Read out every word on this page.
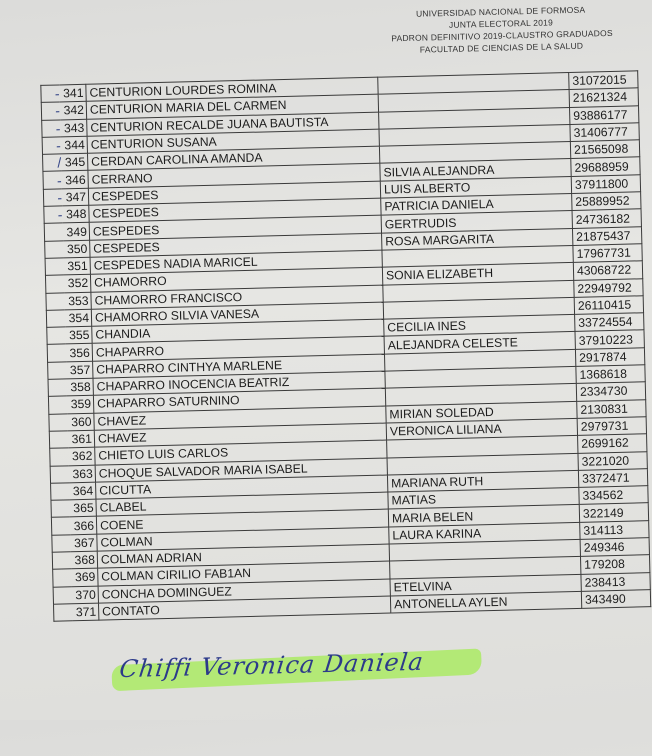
UNIVERSIDAD NACIONAL DE FORMOSA
JUNTA ELECTORAL 2019
PADRON DEFINITIVO 2019-CLAUSTRO GRADUADOS
FACULTAD DE CIENCIAS DE LA SALUD
-	341	CENTURION LOURDES ROMINA		31072015
-	342	CENTURION MARIA DEL CARMEN		21621324
-	343	CENTURION RECALDE JUANA BAUTISTA		93886177
-	344	CENTURION SUSANA		31406777
/	345	CERDAN CAROLINA AMANDA		21565098
-	346	CERRANO	SILVIA ALEJANDRA	29688959
-	347	CESPEDES	LUIS ALBERTO	37911800
-	348	CESPEDES	PATRICIA DANIELA	25889952
	349	CESPEDES	GERTRUDIS	24736182
	350	CESPEDES	ROSA MARGARITA	21875437
	351	CESPEDES NADIA MARICEL		17967731
	352	CHAMORRO	SONIA ELIZABETH	43068722
	353	CHAMORRO FRANCISCO		22949792
	354	CHAMORRO SILVIA VANESA		26110415
	355	CHANDIA	CECILIA INES	33724554
	356	CHAPARRO	ALEJANDRA CELESTE	37910223
	357	CHAPARRO CINTHYA MARLENE		2917874
	358	CHAPARRO INOCENCIA BEATRIZ		1368618
	359	CHAPARRO SATURNINO		2334730
	360	CHAVEZ	MIRIAN SOLEDAD	2130831
	361	CHAVEZ	VERONICA LILIANA	2979731
	362	CHIETO LUIS CARLOS		2699162
	363	CHOQUE SALVADOR MARIA ISABEL		3221020
	364	CICUTTA	MARIANA RUTH	3372471
	365	CLABEL	MATIAS	334562
	366	COENE	MARIA BELEN	322149
	367	COLMAN	LAURA KARINA	314113
	368	COLMAN ADRIAN		249346
	369	COLMAN CIRILIO FAB1AN		179208
	370	CONCHA DOMINGUEZ	ETELVINA	238413
	371	CONTATO	ANTONELLA AYLEN	343490
Chiffi Veronica Daniela
